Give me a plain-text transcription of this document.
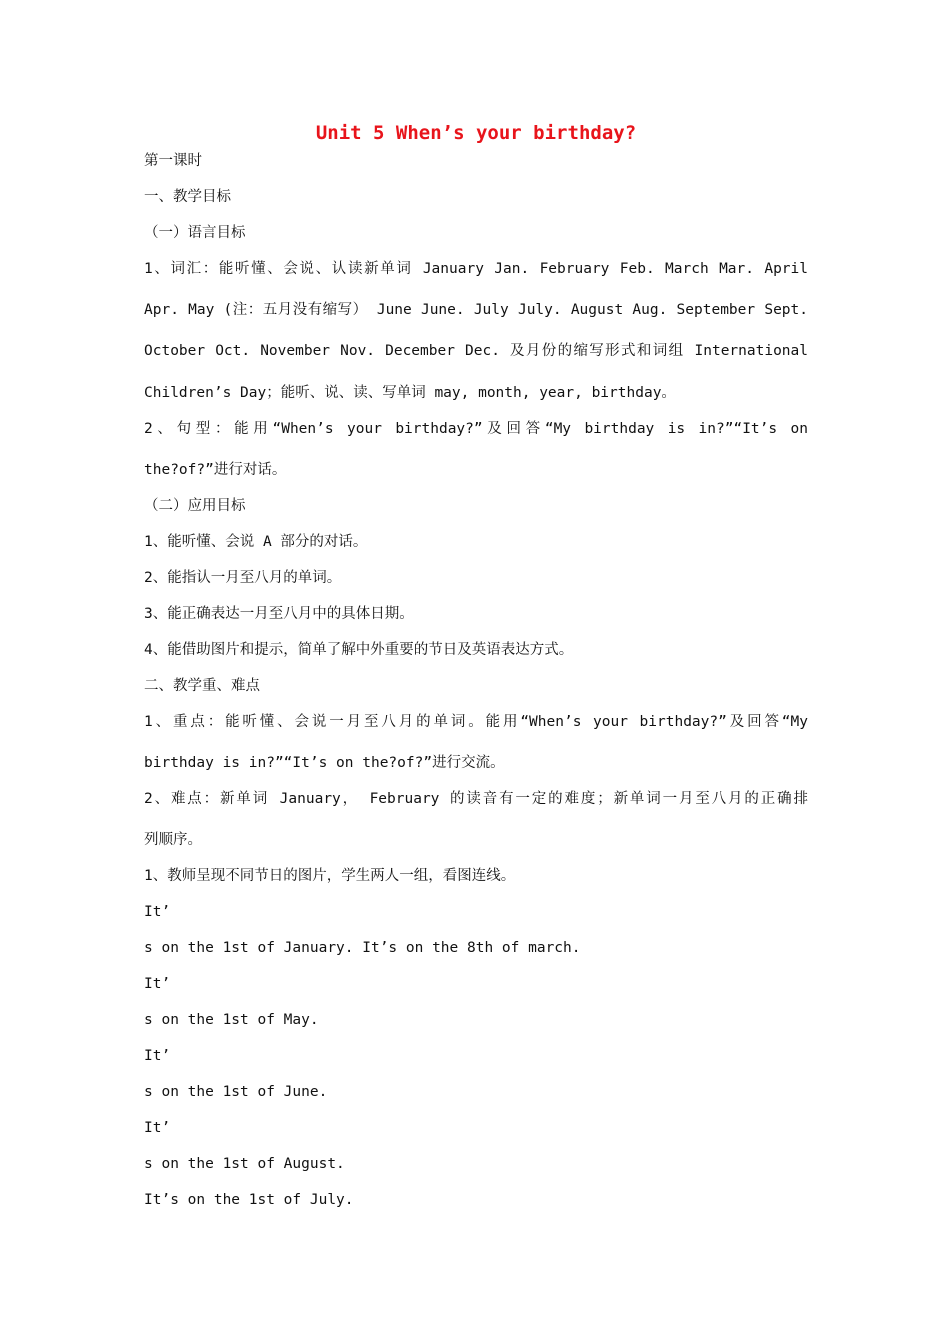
Unit 5 When’s your birthday?
第一课时
一、教学目标
（一）语言目标
1、词汇：能听懂、会说、认读新单词 January Jan. February Feb. March Mar. April
Apr. May (注：五月没有缩写） June June. July July. August Aug. September Sept.
October Oct. November Nov. December Dec. 及月份的缩写形式和词组 International
Children’s Day；能听、说、读、写单词 may, month, year, birthday。
2、句型：能用“When’s your birthday?”及回答“My birthday is in?”“It’s on
the?of?”进行对话。
（二）应用目标
1、能听懂、会说 A 部分的对话。
2、能指认一月至八月的单词。
3、能正确表达一月至八月中的具体日期。
4、能借助图片和提示，简单了解中外重要的节日及英语表达方式。
二、教学重、难点
1、重点：能听懂、会说一月至八月的单词。能用“When’s your birthday?”及回答“My
birthday is in?”“It’s on the?of?”进行交流。
2、难点：新单词 January， February 的读音有一定的难度；新单词一月至八月的正确排
列顺序。
1、教师呈现不同节日的图片，学生两人一组，看图连线。
It’
s on the 1st of January. It’s on the 8th of march.
It’
s on the 1st of May.
It’
s on the 1st of June.
It’
s on the 1st of August.
It’s on the 1st of July.
